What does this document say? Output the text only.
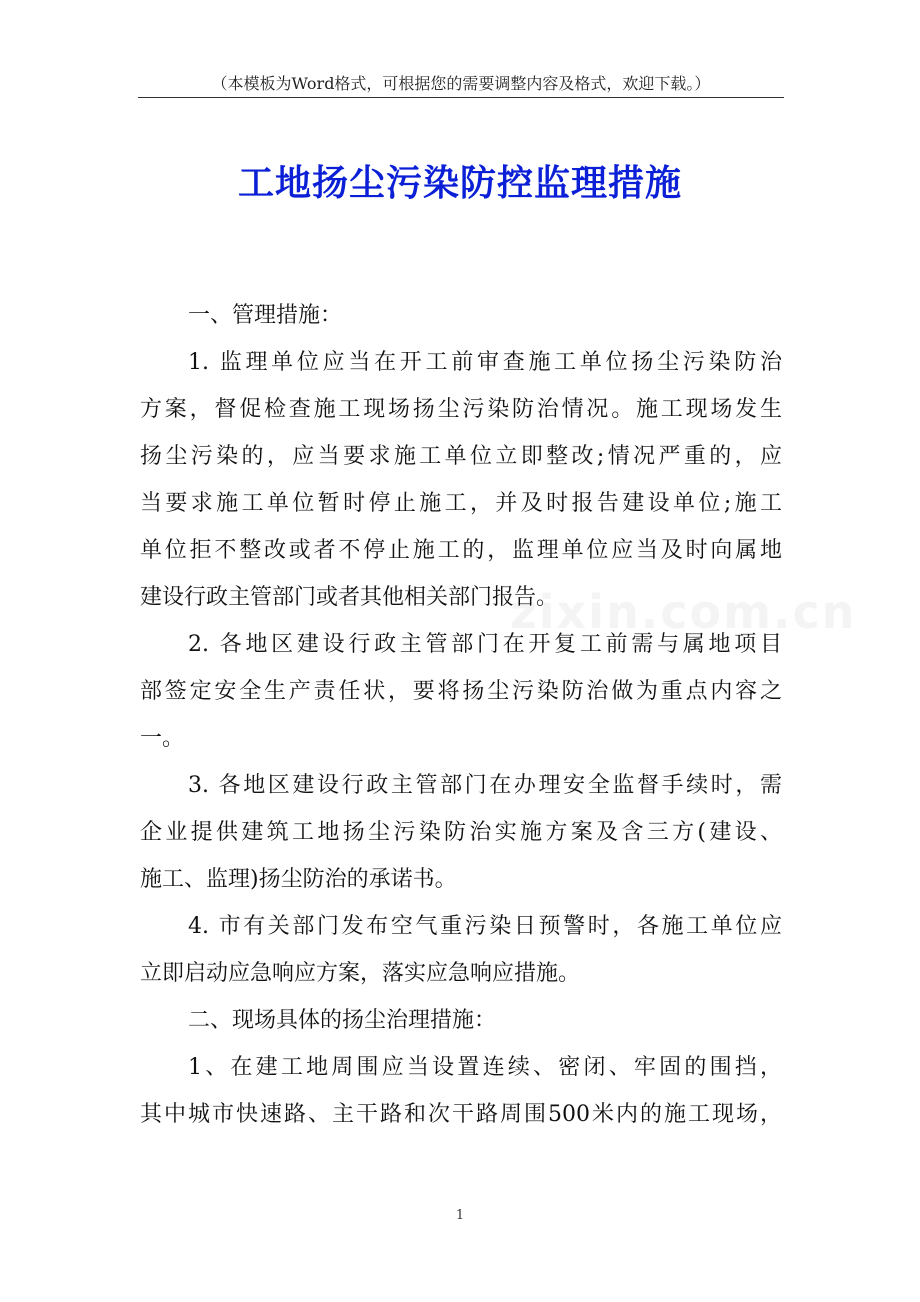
（本模板为Word格式，可根据您的需要调整内容及格式，欢迎下载。）
工地扬尘污染防控监理措施
zixin.com.cn
一、管理措施：
1. 监理单位应当在开工前审查施工单位扬尘污染防治
方案，督促检查施工现场扬尘污染防治情况。施工现场发生
扬尘污染的，应当要求施工单位立即整改;情况严重的，应
当要求施工单位暂时停止施工，并及时报告建设单位;施工
单位拒不整改或者不停止施工的，监理单位应当及时向属地
建设行政主管部门或者其他相关部门报告。
2. 各地区建设行政主管部门在开复工前需与属地项目
部签定安全生产责任状，要将扬尘污染防治做为重点内容之
一。
3. 各地区建设行政主管部门在办理安全监督手续时，需
企业提供建筑工地扬尘污染防治实施方案及含三方(建设、
施工、监理)扬尘防治的承诺书。
4. 市有关部门发布空气重污染日预警时，各施工单位应
立即启动应急响应方案，落实应急响应措施。
二、现场具体的扬尘治理措施：
1、在建工地周围应当设置连续、密闭、牢固的围挡，
其中城市快速路、主干路和次干路周围500米内的施工现场，
1
